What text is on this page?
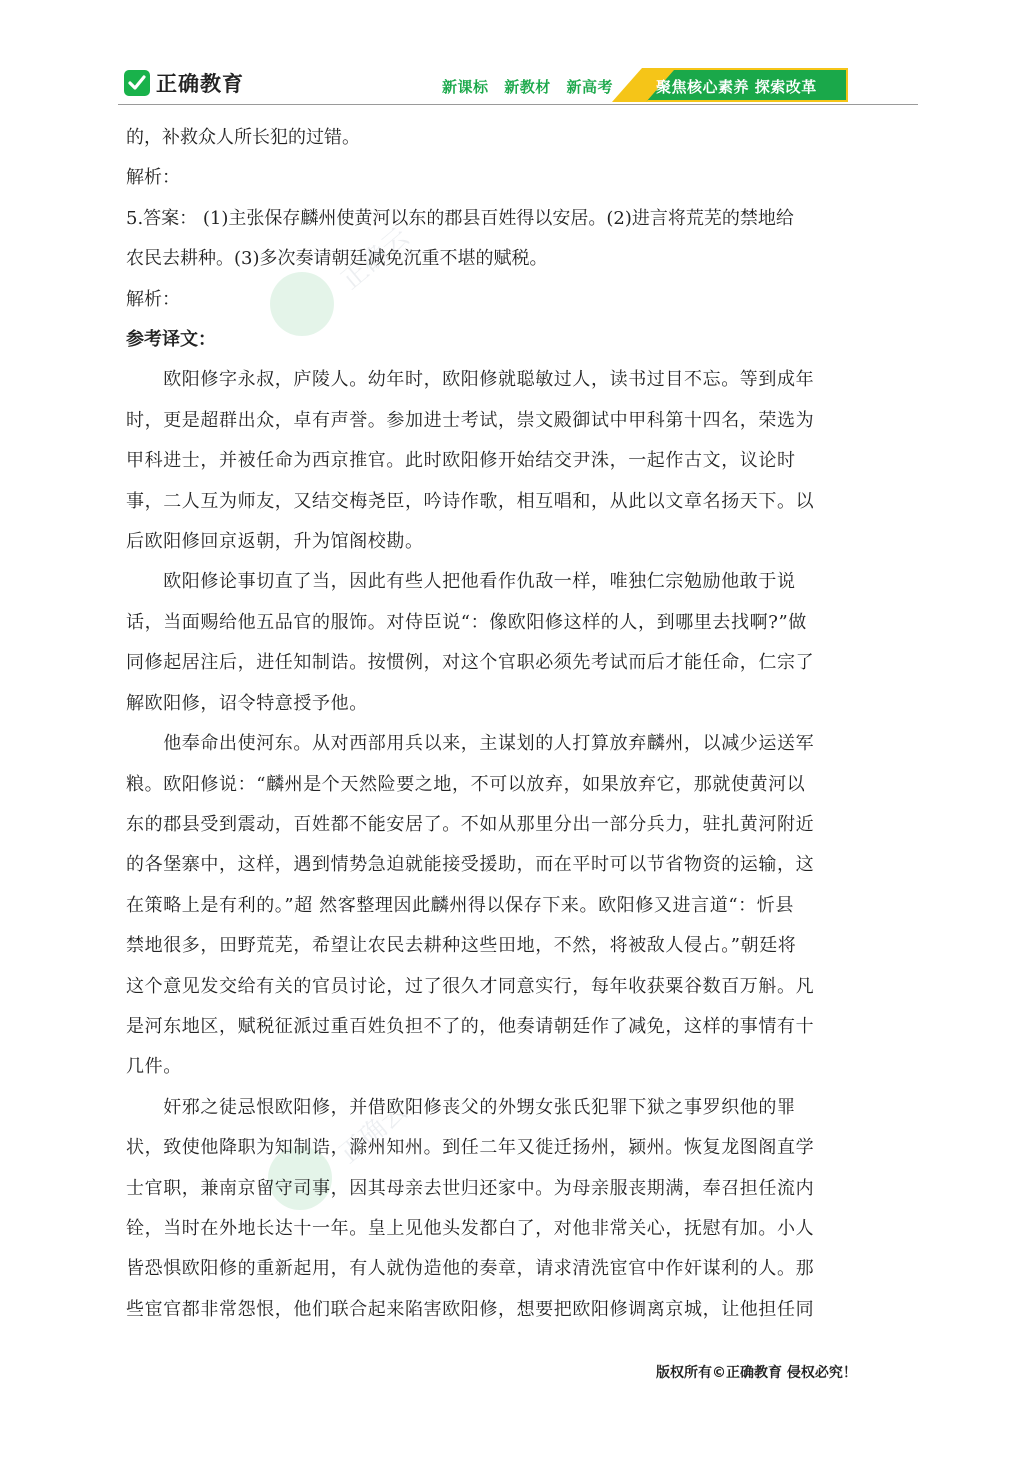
正确教育	新课标 新教材 新高考	聚焦核心素养 探索改革
正确云
正确云

的，补救众人所长犯的过错。

解析：

5.答案： (1)主张保存麟州使黄河以东的郡县百姓得以安居。(2)进言将荒芜的禁地给

农民去耕种。(3)多次奏请朝廷减免沉重不堪的赋税。

解析：

参考译文：

　　欧阳修字永叔，庐陵人。幼年时，欧阳修就聪敏过人，读书过目不忘。等到成年

时，更是超群出众，卓有声誉。参加进士考试，崇文殿御试中甲科第十四名，荣选为

甲科进士，并被任命为西京推官。此时欧阳修开始结交尹洙，一起作古文，议论时

事，二人互为师友，又结交梅尧臣，吟诗作歌，相互唱和，从此以文章名扬天下。以

后欧阳修回京返朝，升为馆阁校勘。

　　欧阳修论事切直了当，因此有些人把他看作仇敌一样，唯独仁宗勉励他敢于说

话，当面赐给他五品官的服饰。对侍臣说“：像欧阳修这样的人，到哪里去找啊?”做

同修起居注后，进任知制诰。按惯例，对这个官职必须先考试而后才能任命，仁宗了

解欧阳修，诏令特意授予他。

　　他奉命出使河东。从对西部用兵以来，主谋划的人打算放弃麟州，以减少运送军

粮。欧阳修说：“麟州是个天然险要之地，不可以放弃，如果放弃它，那就使黄河以

东的郡县受到震动，百姓都不能安居了。不如从那里分出一部分兵力，驻扎黄河附近

的各堡寨中，这样，遇到情势急迫就能接受援助，而在平时可以节省物资的运输，这

在策略上是有利的。”超 然客整理因此麟州得以保存下来。欧阳修又进言道“：忻县

禁地很多，田野荒芜，希望让农民去耕种这些田地，不然，将被敌人侵占。”朝廷将

这个意见发交给有关的官员讨论，过了很久才同意实行，每年收获粟谷数百万斛。凡

是河东地区，赋税征派过重百姓负担不了的，他奏请朝廷作了减免，这样的事情有十

几件。

　　奸邪之徒忌恨欧阳修，并借欧阳修丧父的外甥女张氏犯罪下狱之事罗织他的罪

状，致使他降职为知制诰，滁州知州。到任二年又徙迁扬州，颍州。恢复龙图阁直学

士官职，兼南京留守司事，因其母亲去世归还家中。为母亲服丧期满，奉召担任流内

铨，当时在外地长达十一年。皇上见他头发都白了，对他非常关心，抚慰有加。小人

皆恐惧欧阳修的重新起用，有人就伪造他的奏章，请求清洗宦官中作奸谋利的人。那

些宦官都非常怨恨，他们联合起来陷害欧阳修，想要把欧阳修调离京城，让他担任同

版权所有©正确教育 侵权必究！
